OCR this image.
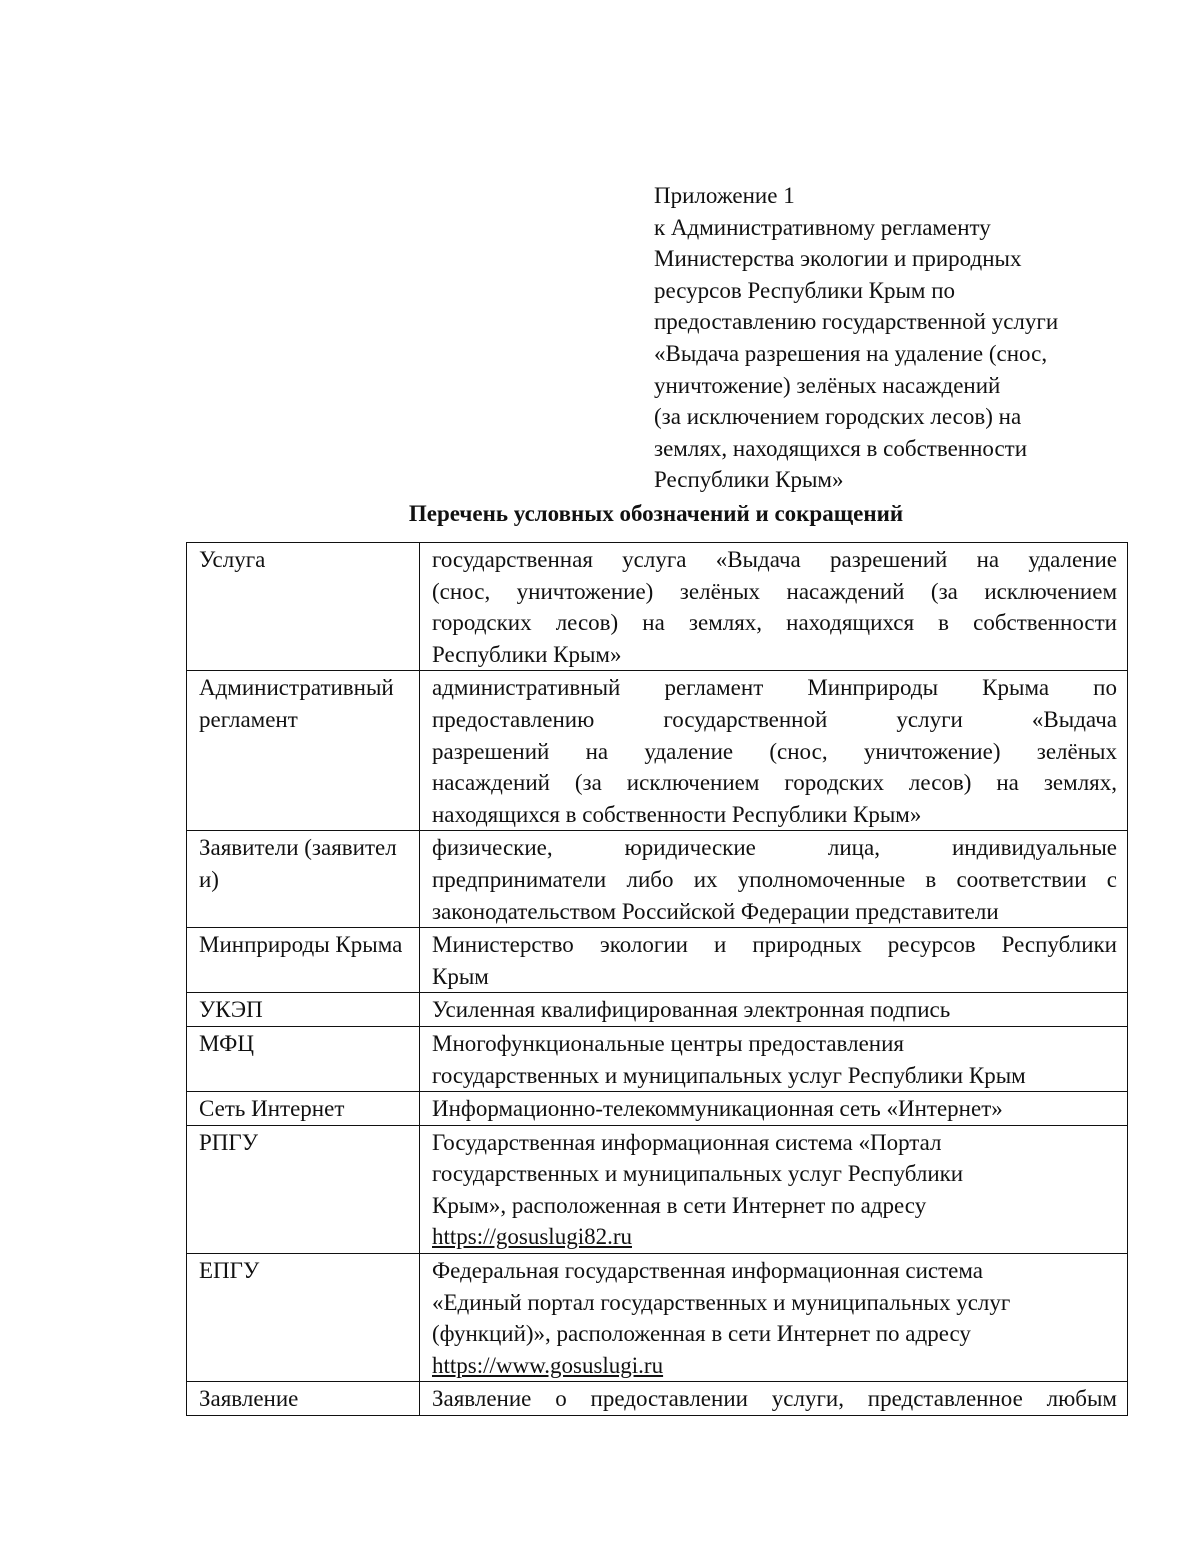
Приложение 1
к Административному регламенту
Министерства экологии и природных
ресурсов Республики Крым по
предоставлению государственной услуги
«Выдача разрешения на удаление (снос,
уничтожение) зелёных насаждений
(за исключением городских лесов) на
землях, находящихся в собственности
Республики Крым»
Перечень условных обозначений и сокращений
Услуга	государственная услуга «Выдача разрешений на удаление
(снос, уничтожение) зелёных насаждений (за исключением
городских лесов) на землях, находящихся в собственности
Республики Крым»

Административный регламент	административный регламент Минприроды Крыма по
предоставлению государственной услуги «Выдача
разрешений на удаление (снос, уничтожение) зелёных
насаждений (за исключением городских лесов) на землях,
находящихся в собственности Республики Крым»

Заявители (заявители)	физические, юридические лица, индивидуальные
предприниматели либо их уполномоченные в соответствии с
законодательством Российской Федерации представители

Минприроды Крыма	Министерство экологии и природных ресурсов Республики
Крым

УКЭП	Усиленная квалифицированная электронная подпись

МФЦ	Многофункциональные центры предоставления
государственных и муниципальных услуг Республики Крым

Сеть Интернет	Информационно-телекоммуникационная сеть «Интернет»

РПГУ	Государственная информационная система «Портал
государственных и муниципальных услуг Республики
Крым», расположенная в сети Интернет по адресу
https://gosuslugi82.ru

ЕПГУ	Федеральная государственная информационная система
«Единый портал государственных и муниципальных услуг
(функций)», расположенная в сети Интернет по адресу
https://www.gosuslugi.ru

Заявление	Заявление о предоставлении услуги, представленное любым
